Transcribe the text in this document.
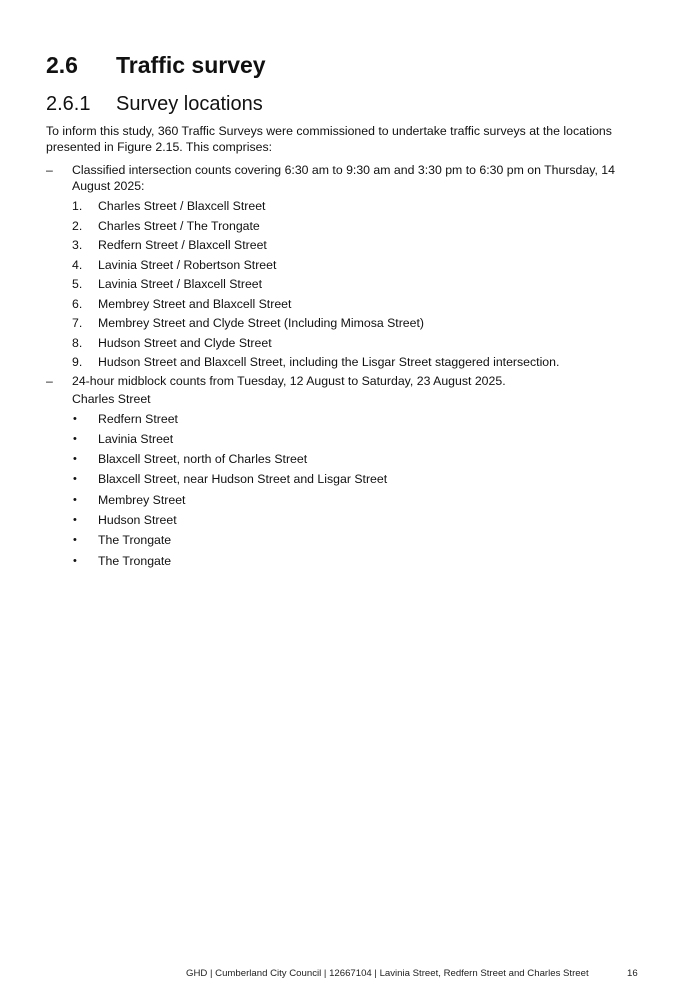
2.6 Traffic survey
2.6.1 Survey locations
To inform this study, 360 Traffic Surveys were commissioned to undertake traffic surveys at the locations presented in Figure 2.15. This comprises:
– Classified intersection counts covering 6:30 am to 9:30 am and 3:30 pm to 6:30 pm on Thursday, 14 August 2025:
1. Charles Street / Blaxcell Street
2. Charles Street / The Trongate
3. Redfern Street / Blaxcell Street
4. Lavinia Street / Robertson Street
5. Lavinia Street / Blaxcell Street
6. Membrey Street and Blaxcell Street
7. Membrey Street and Clyde Street (Including Mimosa Street)
8. Hudson Street and Clyde Street
9. Hudson Street and Blaxcell Street, including the Lisgar Street staggered intersection.
– 24-hour midblock counts from Tuesday, 12 August to Saturday, 23 August 2025.
Charles Street
• Redfern Street
• Lavinia Street
• Blaxcell Street, north of Charles Street
• Blaxcell Street, near Hudson Street and Lisgar Street
• Membrey Street
• Hudson Street
• The Trongate
• The Trongate
GHD | Cumberland City Council | 12667104 | Lavinia Street, Redfern Street and Charles Street	16
